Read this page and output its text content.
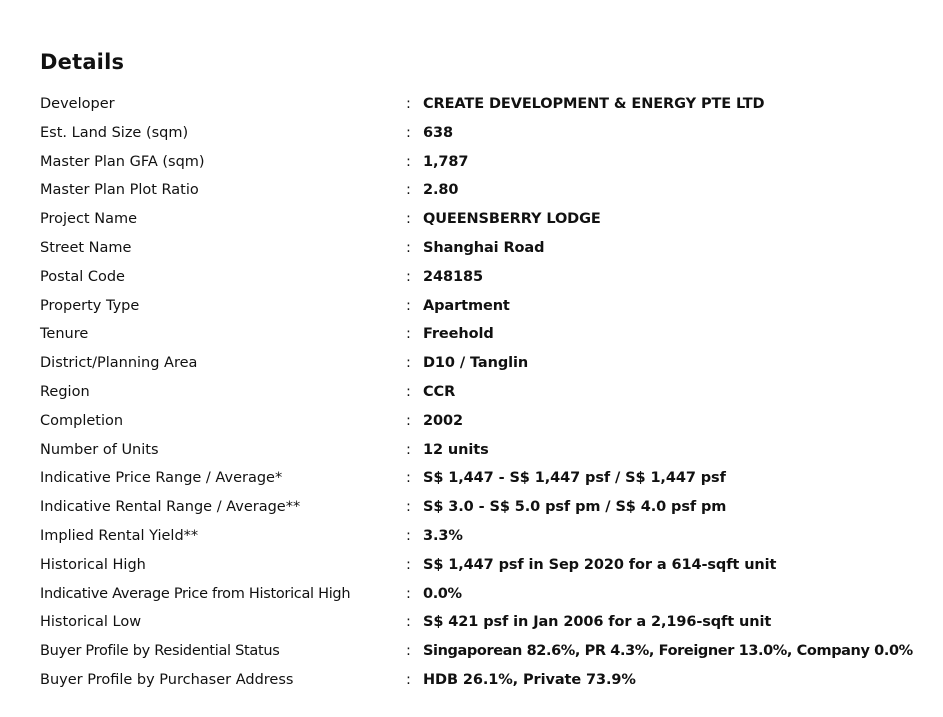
Details
Developer	: CREATE DEVELOPMENT & ENERGY PTE LTD
Est. Land Size (sqm)	: 638
Master Plan GFA (sqm)	: 1,787
Master Plan Plot Ratio	: 2.80
Project Name	: QUEENSBERRY LODGE
Street Name	: Shanghai Road
Postal Code	: 248185
Property Type	: Apartment
Tenure	: Freehold
District/Planning Area	: D10 / Tanglin
Region	: CCR
Completion	: 2002
Number of Units	: 12 units
Indicative Price Range / Average*	: S$ 1,447 - S$ 1,447 psf / S$ 1,447 psf
Indicative Rental Range / Average**	: S$ 3.0 - S$ 5.0 psf pm / S$ 4.0 psf pm
Implied Rental Yield**	: 3.3%
Historical High	: S$ 1,447 psf in Sep 2020 for a 614-sqft unit
Indicative Average Price from Historical High	: 0.0%
Historical Low	: S$ 421 psf in Jan 2006 for a 2,196-sqft unit
Buyer Profile by Residential Status	: Singaporean 82.6%, PR 4.3%, Foreigner 13.0%, Company 0.0%
Buyer Profile by Purchaser Address	: HDB 26.1%, Private 73.9%
